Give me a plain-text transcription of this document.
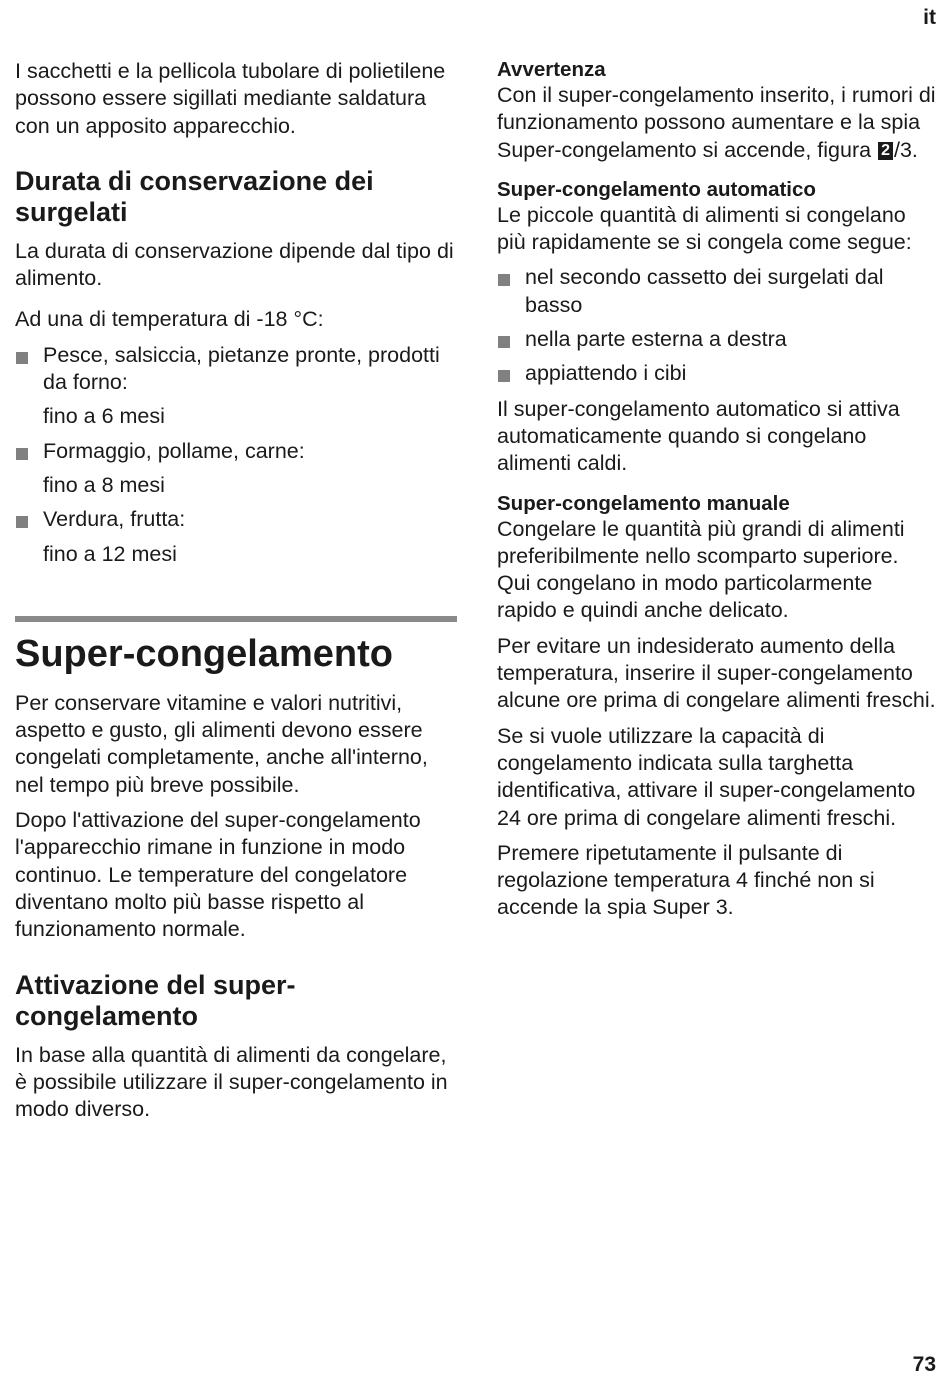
it

I sacchetti e la pellicola tubolare di polietilene possono essere sigillati mediante saldatura con un apposito apparecchio.

Durata di conservazione dei surgelati

La durata di conservazione dipende dal tipo di alimento.

Ad una di temperatura di -18 °C:

Pesce, salsiccia, pietanze pronte, prodotti da forno:

fino a 6 mesi

Formaggio, pollame, carne:

fino a 8 mesi

Verdura, frutta:

fino a 12 mesi

Super-congelamento

Per conservare vitamine e valori nutritivi, aspetto e gusto, gli alimenti devono essere congelati completamente, anche all'interno, nel tempo più breve possibile.

Dopo l'attivazione del super-congelamento l'apparecchio rimane in funzione in modo continuo. Le temperature del congelatore diventano molto più basse rispetto al funzionamento normale.

Attivazione del super-congelamento

In base alla quantità di alimenti da congelare, è possibile utilizzare il super-congelamento in modo diverso.

Avvertenza

Con il super-congelamento inserito, i rumori di funzionamento possono aumentare e la spia Super-congelamento si accende, figura 2 /3.

Super-congelamento automatico

Le piccole quantità di alimenti si congelano più rapidamente se si congela come segue:

nel secondo cassetto dei surgelati dal basso
nella parte esterna a destra
appiattendo i cibi

Il super-congelamento automatico si attiva automaticamente quando si congelano alimenti caldi.

Super-congelamento manuale

Congelare le quantità più grandi di alimenti preferibilmente nello scomparto superiore. Qui congelano in modo particolarmente rapido e quindi anche delicato.

Per evitare un indesiderato aumento della temperatura, inserire il super-congelamento alcune ore prima di congelare alimenti freschi.

Se si vuole utilizzare la capacità di congelamento indicata sulla targhetta identificativa, attivare il super-congelamento 24 ore prima di congelare alimenti freschi.

Premere ripetutamente il pulsante di regolazione temperatura 4 finché non si accende la spia Super 3.

73
